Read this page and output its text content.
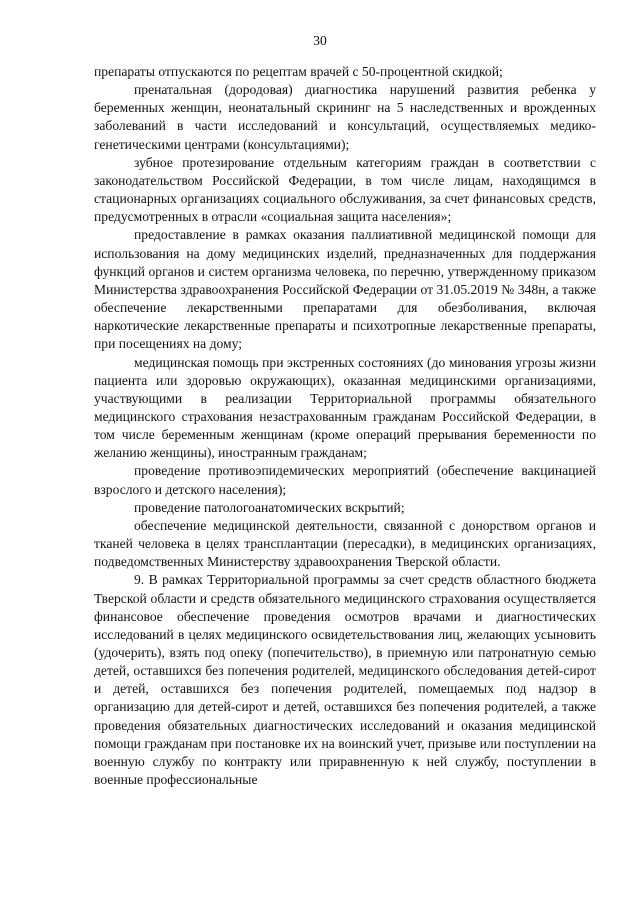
30

препараты отпускаются по рецептам врачей с 50-процентной скидкой;

пренатальная (дородовая) диагностика нарушений развития ребенка у беременных женщин, неонатальный скрининг на 5 наследственных и врожденных заболеваний в части исследований и консультаций, осуществляемых медико-генетическими центрами (консультациями);

зубное протезирование отдельным категориям граждан в соответствии с законодательством Российской Федерации, в том числе лицам, находящимся в стационарных организациях социального обслуживания, за счет финансовых средств, предусмотренных в отрасли «социальная защита населения»;

предоставление в рамках оказания паллиативной медицинской помощи для использования на дому медицинских изделий, предназначенных для поддержания функций органов и систем организма человека, по перечню, утвержденному приказом Министерства здравоохранения Российской Федерации от 31.05.2019 № 348н, а также обеспечение лекарственными препаратами для обезболивания, включая наркотические лекарственные препараты и психотропные лекарственные препараты, при посещениях на дому;

медицинская помощь при экстренных состояниях (до минования угрозы жизни пациента или здоровью окружающих), оказанная медицинскими организациями, участвующими в реализации Территориальной программы обязательного медицинского страхования незастрахованным гражданам Российской Федерации, в том числе беременным женщинам (кроме операций прерывания беременности по желанию женщины), иностранным гражданам;

проведение противоэпидемических мероприятий (обеспечение вакцинацией взрослого и детского населения);

проведение патологоанатомических вскрытий;

обеспечение медицинской деятельности, связанной с донорством органов и тканей человека в целях трансплантации (пересадки), в медицинских организациях, подведомственных Министерству здравоохранения Тверской области.

9. В рамках Территориальной программы за счет средств областного бюджета Тверской области и средств обязательного медицинского страхования осуществляется финансовое обеспечение проведения осмотров врачами и диагностических исследований в целях медицинского освидетельствования лиц, желающих усыновить (удочерить), взять под опеку (попечительство), в приемную или патронатную семью детей, оставшихся без попечения родителей, медицинского обследования детей-сирот и детей, оставшихся без попечения родителей, помещаемых под надзор в организацию для детей-сирот и детей, оставшихся без попечения родителей, а также проведения обязательных диагностических исследований и оказания медицинской помощи гражданам при постановке их на воинский учет, призыве или поступлении на военную службу по контракту или приравненную к ней службу, поступлении в военные профессиональные
